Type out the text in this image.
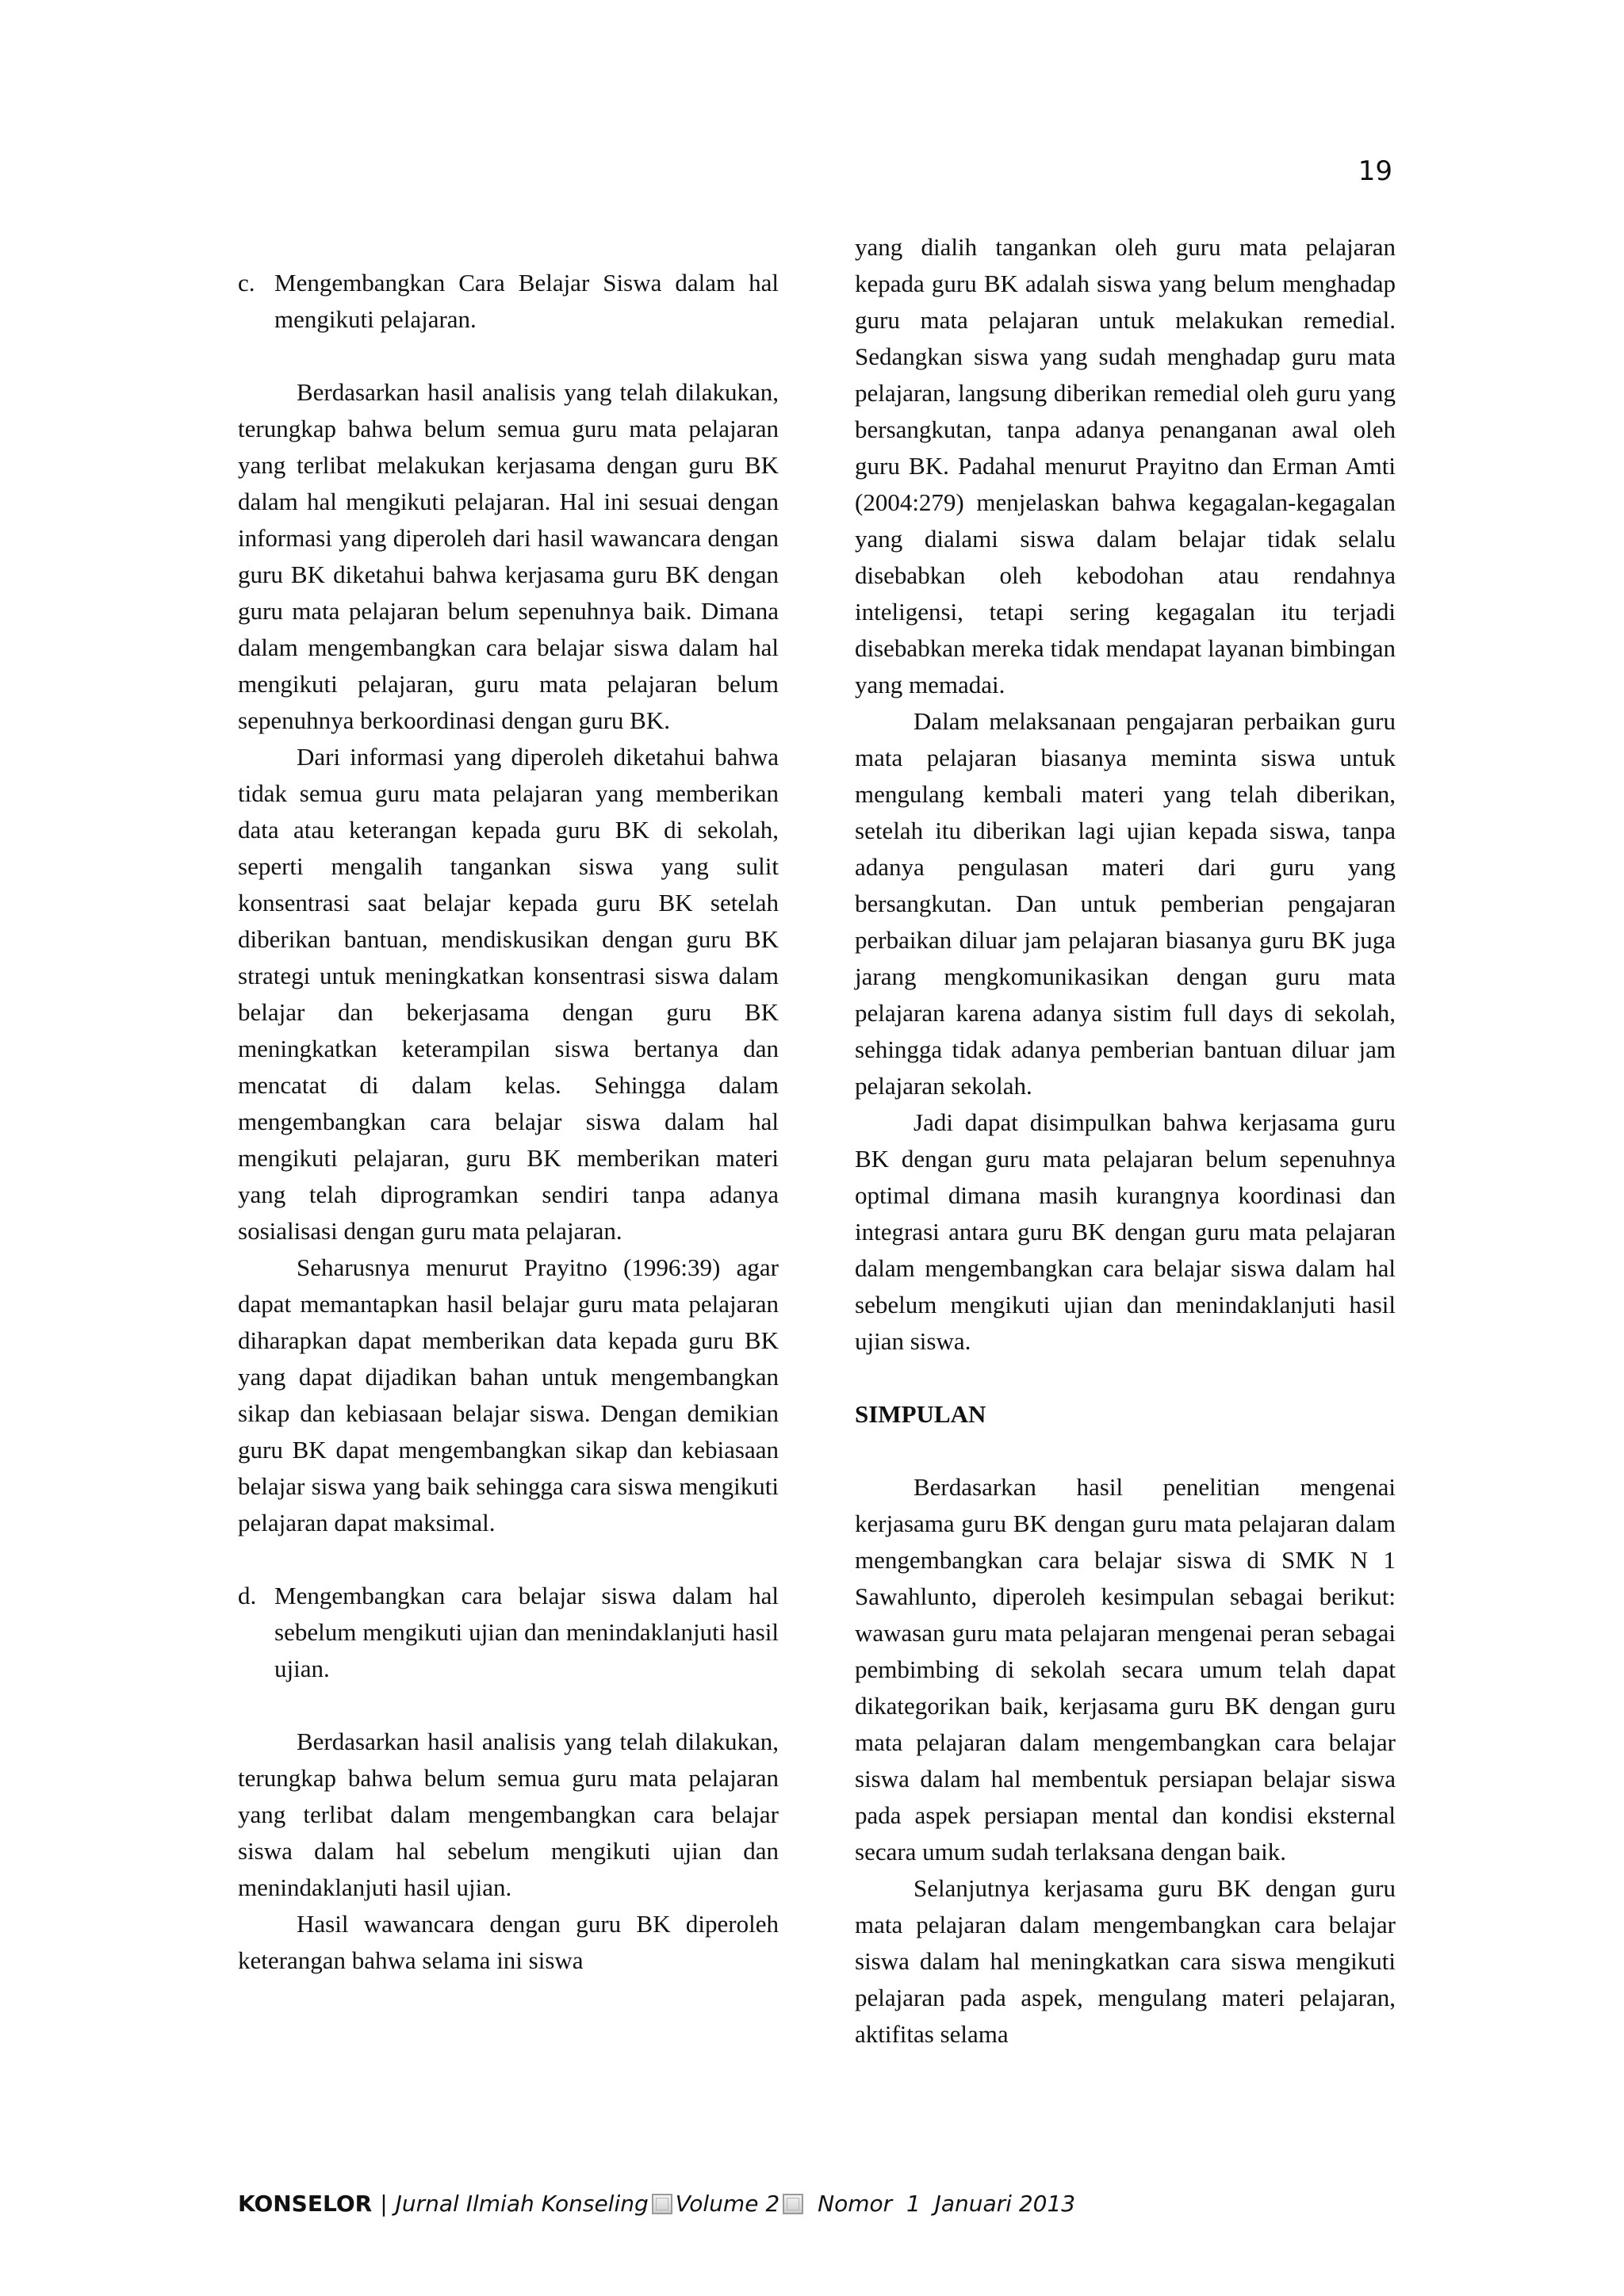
19
c. Mengembangkan Cara Belajar Siswa dalam hal mengikuti pelajaran.

Berdasarkan hasil analisis yang telah dilakukan, terungkap bahwa belum semua guru mata pelajaran yang terlibat melakukan kerjasama dengan guru BK dalam hal mengikuti pelajaran. Hal ini sesuai dengan informasi yang diperoleh dari hasil wawancara dengan guru BK diketahui bahwa kerjasama guru BK dengan guru mata pelajaran belum sepenuhnya baik. Dimana dalam mengembangkan cara belajar siswa dalam hal mengikuti pelajaran, guru mata pelajaran belum sepenuhnya berkoordinasi dengan guru BK.

Dari informasi yang diperoleh diketahui bahwa tidak semua guru mata pelajaran yang memberikan data atau keterangan kepada guru BK di sekolah, seperti mengalih tangankan siswa yang sulit konsentrasi saat belajar kepada guru BK setelah diberikan bantuan, mendiskusikan dengan guru BK strategi untuk meningkatkan konsentrasi siswa dalam belajar dan bekerjasama dengan guru BK meningkatkan keterampilan siswa bertanya dan mencatat di dalam kelas. Sehingga dalam mengembangkan cara belajar siswa dalam hal mengikuti pelajaran, guru BK memberikan materi yang telah diprogramkan sendiri tanpa adanya sosialisasi dengan guru mata pelajaran.

Seharusnya menurut Prayitno (1996:39) agar dapat memantapkan hasil belajar guru mata pelajaran diharapkan dapat memberikan data kepada guru BK yang dapat dijadikan bahan untuk mengembangkan sikap dan kebiasaan belajar siswa. Dengan demikian guru BK dapat mengembangkan sikap dan kebiasaan belajar siswa yang baik sehingga cara siswa mengikuti pelajaran dapat maksimal.

d. Mengembangkan cara belajar siswa dalam hal sebelum mengikuti ujian dan menindaklanjuti hasil ujian.

Berdasarkan hasil analisis yang telah dilakukan, terungkap bahwa belum semua guru mata pelajaran yang terlibat dalam mengembangkan cara belajar siswa dalam hal sebelum mengikuti ujian dan menindaklanjuti hasil ujian.

Hasil wawancara dengan guru BK diperoleh keterangan bahwa selama ini siswa

yang dialih tangankan oleh guru mata pelajaran kepada guru BK adalah siswa yang belum menghadap guru mata pelajaran untuk melakukan remedial. Sedangkan siswa yang sudah menghadap guru mata pelajaran, langsung diberikan remedial oleh guru yang bersangkutan, tanpa adanya penanganan awal oleh guru BK. Padahal menurut Prayitno dan Erman Amti (2004:279) menjelaskan bahwa kegagalan-kegagalan yang dialami siswa dalam belajar tidak selalu disebabkan oleh kebodohan atau rendahnya inteligensi, tetapi sering kegagalan itu terjadi disebabkan mereka tidak mendapat layanan bimbingan yang memadai.

Dalam melaksanaan pengajaran perbaikan guru mata pelajaran biasanya meminta siswa untuk mengulang kembali materi yang telah diberikan, setelah itu diberikan lagi ujian kepada siswa, tanpa adanya pengulasan materi dari guru yang bersangkutan. Dan untuk pemberian pengajaran perbaikan diluar jam pelajaran biasanya guru BK juga jarang mengkomunikasikan dengan guru mata pelajaran karena adanya sistim full days di sekolah, sehingga tidak adanya pemberian bantuan diluar jam pelajaran sekolah.

Jadi dapat disimpulkan bahwa kerjasama guru BK dengan guru mata pelajaran belum sepenuhnya optimal dimana masih kurangnya koordinasi dan integrasi antara guru BK dengan guru mata pelajaran dalam mengembangkan cara belajar siswa dalam hal sebelum mengikuti ujian dan menindaklanjuti hasil ujian siswa.

SIMPULAN

Berdasarkan hasil penelitian mengenai kerjasama guru BK dengan guru mata pelajaran dalam mengembangkan cara belajar siswa di SMK N 1 Sawahlunto, diperoleh kesimpulan sebagai berikut: wawasan guru mata pelajaran mengenai peran sebagai pembimbing di sekolah secara umum telah dapat dikategorikan baik, kerjasama guru BK dengan guru mata pelajaran dalam mengembangkan cara belajar siswa dalam hal membentuk persiapan belajar siswa pada aspek persiapan mental dan kondisi eksternal secara umum sudah terlaksana dengan baik.

Selanjutnya kerjasama guru BK dengan guru mata pelajaran dalam mengembangkan cara belajar siswa dalam hal meningkatkan cara siswa mengikuti pelajaran pada aspek, mengulang materi pelajaran, aktifitas selama

KONSELOR | Jurnal Ilmiah Konseling Volume 2 Nomor  1  Januari 2013
